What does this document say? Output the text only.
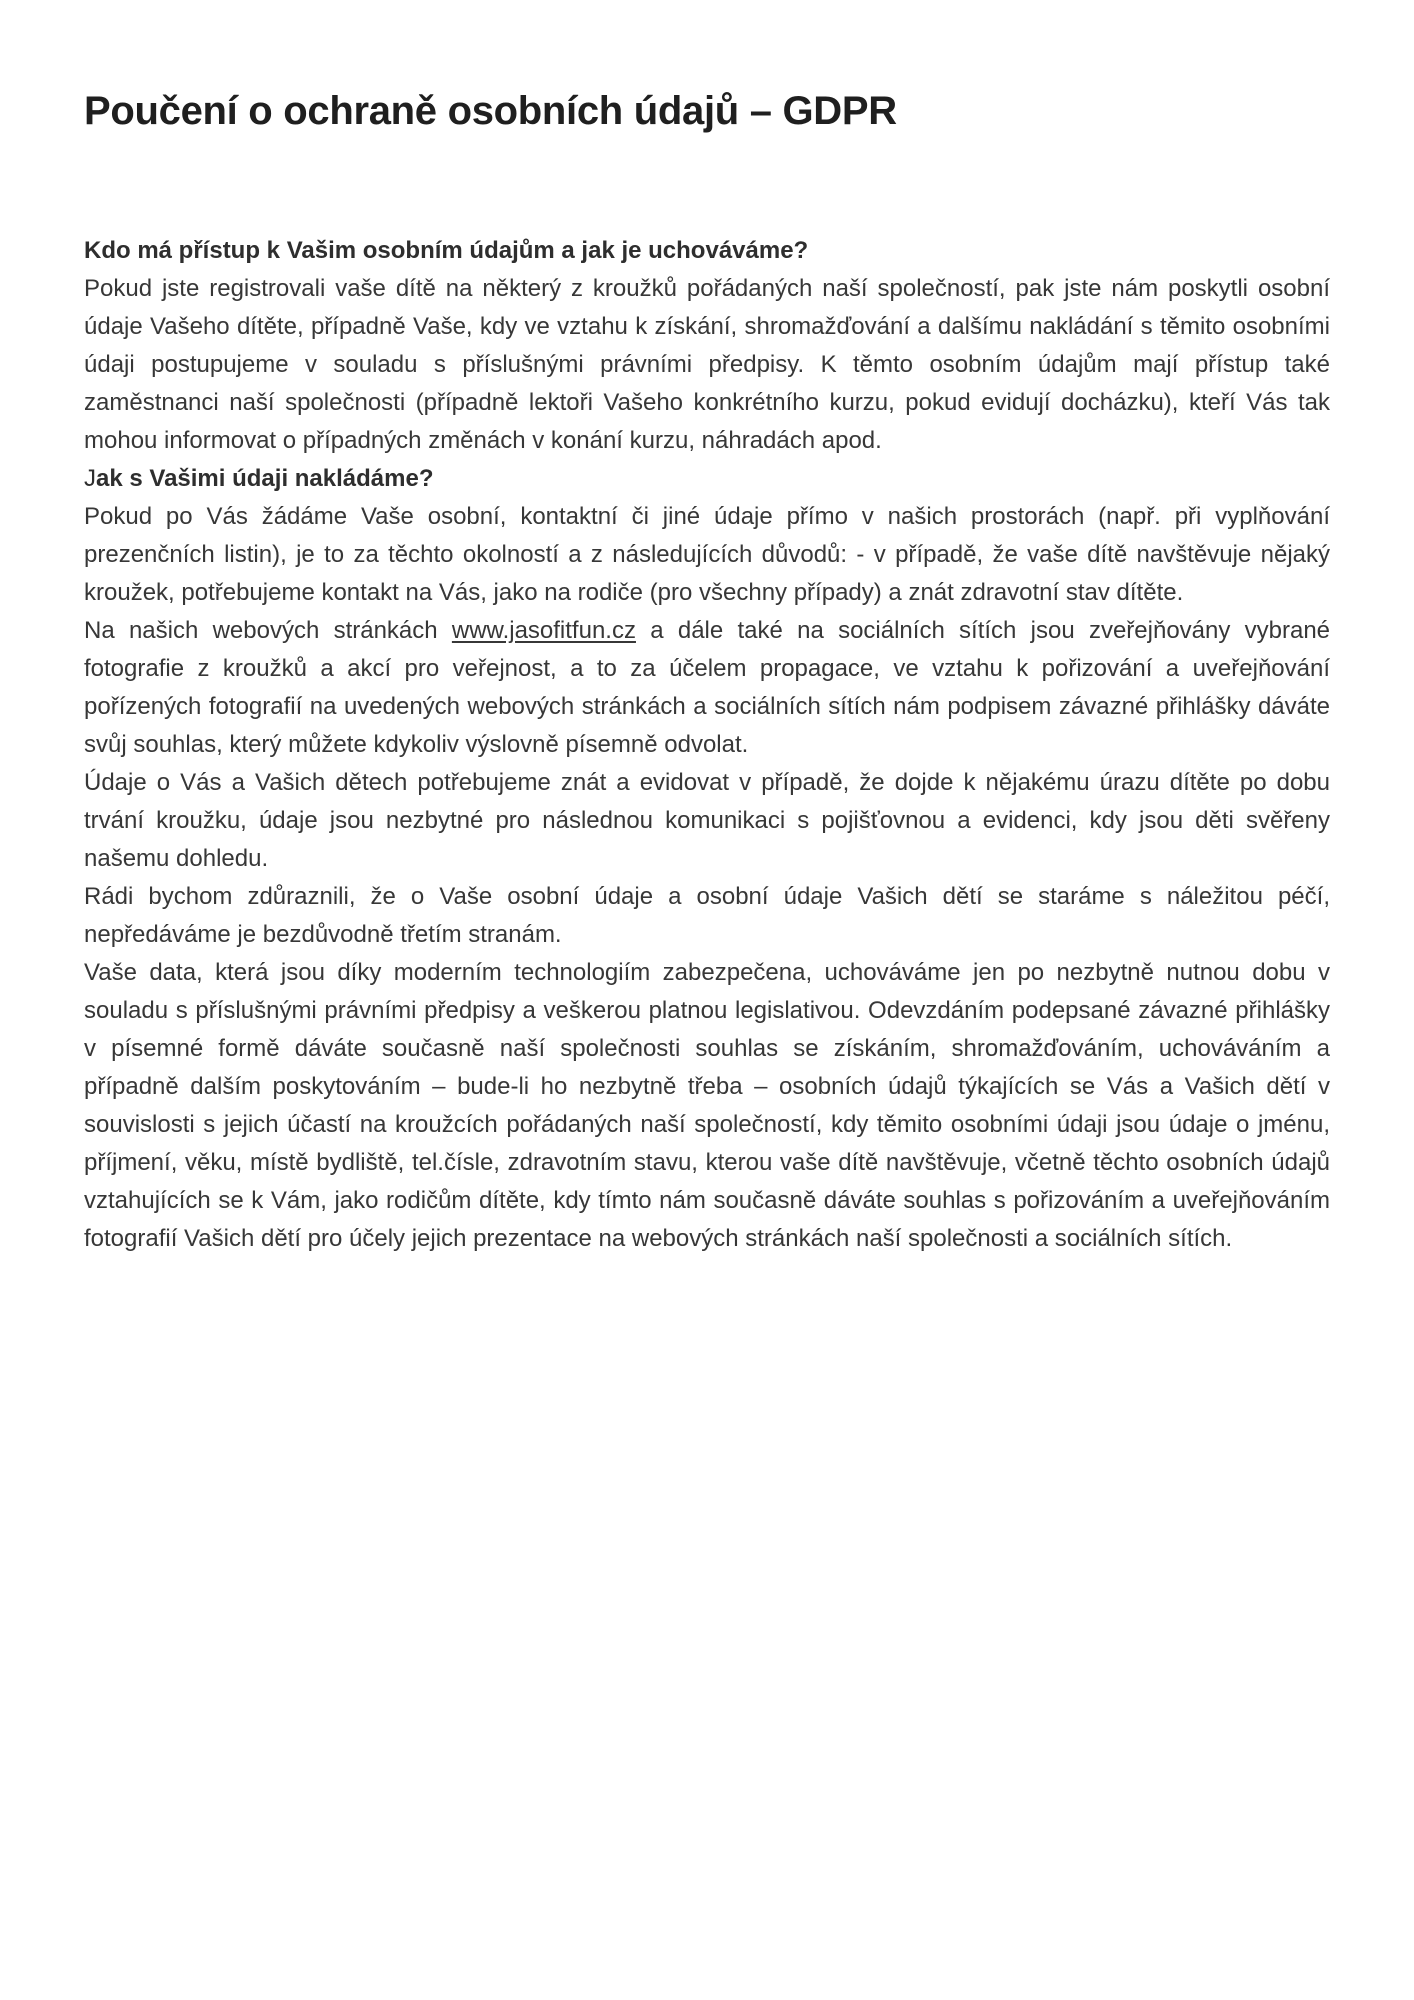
Poučení o ochraně osobních údajů – GDPR
Kdo má přístup k Vašim osobním údajům a jak je uchováváme?

Pokud jste registrovali vaše dítě na některý z kroužků pořádaných naší společností, pak jste nám poskytli osobní údaje Vašeho dítěte, případně Vaše, kdy ve vztahu k získání, shromažďování a dalšímu nakládání s těmito osobními údaji postupujeme v souladu s příslušnými právními předpisy. K těmto osobním údajům mají přístup také zaměstnanci naší společnosti (případně lektoři Vašeho konkrétního kurzu, pokud evidují docházku), kteří Vás tak mohou informovat o případných změnách v konání kurzu, náhradách apod.

Jak s Vašimi údaji nakládáme?

Pokud po Vás žádáme Vaše osobní, kontaktní či jiné údaje přímo v našich prostorách (např. při vyplňování prezenčních listin), je to za těchto okolností a z následujících důvodů: - v případě, že vaše dítě navštěvuje nějaký kroužek, potřebujeme kontakt na Vás, jako na rodiče (pro všechny případy) a znát zdravotní stav dítěte.

Na našich webových stránkách www.jasofitfun.cz a dále také na sociálních sítích jsou zveřejňovány vybrané fotografie z kroužků a akcí pro veřejnost, a to za účelem propagace, ve vztahu k pořizování a uveřejňování pořízených fotografií na uvedených webových stránkách a sociálních sítích nám podpisem závazné přihlášky dáváte svůj souhlas, který můžete kdykoliv výslovně písemně odvolat.

Údaje o Vás a Vašich dětech potřebujeme znát a evidovat v případě, že dojde k nějakému úrazu dítěte po dobu trvání kroužku, údaje jsou nezbytné pro následnou komunikaci s pojišťovnou a evidenci, kdy jsou děti svěřeny našemu dohledu.

Rádi bychom zdůraznili, že o Vaše osobní údaje a osobní údaje Vašich dětí se staráme s náležitou péčí, nepředáváme je bezdůvodně třetím stranám.

Vaše data, která jsou díky moderním technologiím zabezpečena, uchováváme jen po nezbytně nutnou dobu v souladu s příslušnými právními předpisy a veškerou platnou legislativou. Odevzdáním podepsané závazné přihlášky v písemné formě dáváte současně naší společnosti souhlas se získáním, shromažďováním, uchováváním a případně dalším poskytováním – bude-li ho nezbytně třeba – osobních údajů týkajících se Vás a Vašich dětí v souvislosti s jejich účastí na kroužcích pořádaných naší společností, kdy těmito osobními údaji jsou údaje o jménu, příjmení, věku, místě bydliště, tel.čísle, zdravotním stavu, kterou vaše dítě navštěvuje, včetně těchto osobních údajů vztahujících se k Vám, jako rodičům dítěte, kdy tímto nám současně dáváte souhlas s pořizováním a uveřejňováním fotografií Vašich dětí pro účely jejich prezentace na webových stránkách naší společnosti a sociálních sítích.
